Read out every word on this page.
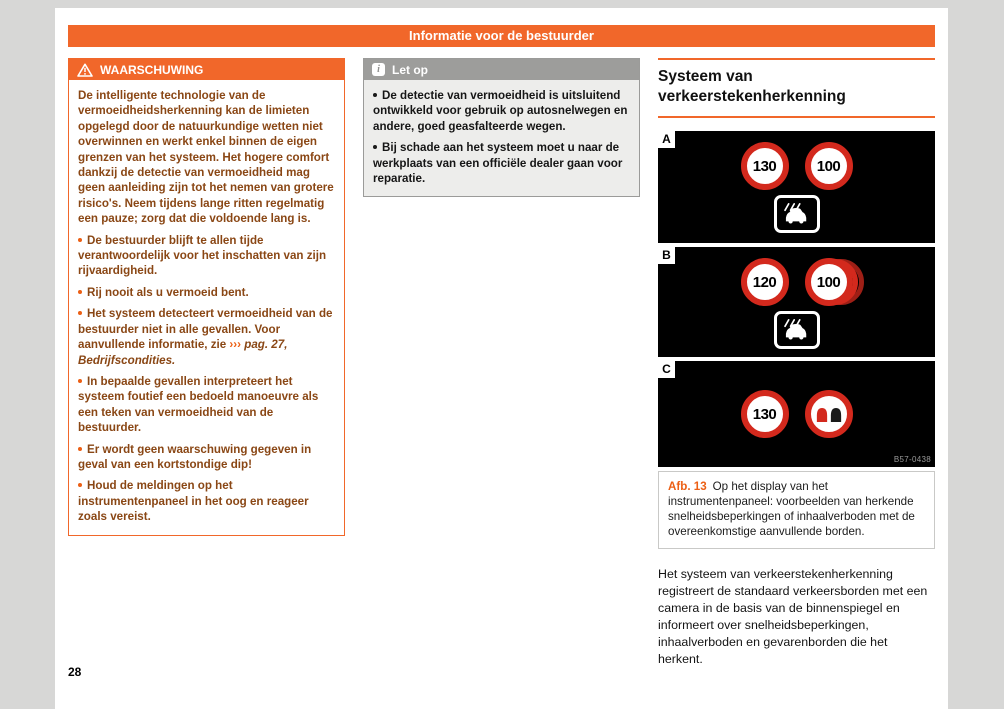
Informatie voor de bestuurder
WAARSCHUWING

De intelligente technologie van de vermoeidheidsherkenning kan de limieten opgelegd door de natuurkundige wetten niet overwinnen en werkt enkel binnen de eigen grenzen van het systeem. Het hogere comfort dankzij de detectie van vermoeidheid mag geen aanleiding zijn tot het nemen van grotere risico's. Neem tijdens lange ritten regelmatig een pauze; zorg dat die voldoende lang is.

De bestuurder blijft te allen tijde verantwoordelijk voor het inschatten van zijn rijvaardigheid.
Rij nooit als u vermoeid bent.
Het systeem detecteert vermoeidheid van de bestuurder niet in alle gevallen. Voor aanvullende informatie, zie ››› pag. 27, Bedrijfscondities.
In bepaalde gevallen interpreteert het systeem foutief een bedoeld manoeuvre als een teken van vermoeidheid van de bestuurder.
Er wordt geen waarschuwing gegeven in geval van een kortstondige dip!
Houd de meldingen op het instrumentenpaneel in het oog en reageer zoals vereist.
i	Let op
De detectie van vermoeidheid is uitsluitend ontwikkeld voor gebruik op autosnelwegen en andere, goed geasfalteerde wegen.
Bij schade aan het systeem moet u naar de werkplaats van een officiële dealer gaan voor reparatie.
Systeem van verkeerstekenherkenning
A
130	100
B
120	100
C
130
B57-0438
Afb. 13 Op het display van het instrumentenpaneel: voorbeelden van herkende snelheidsbeperkingen of inhaalverboden met de overeenkomstige aanvullende borden.

Het systeem van verkeerstekenherkenning registreert de standaard verkeersborden met een camera in de basis van de binnenspiegel en informeert over snelheidsbeperkingen, inhaalverboden en gevarenborden die het herkent.

28
